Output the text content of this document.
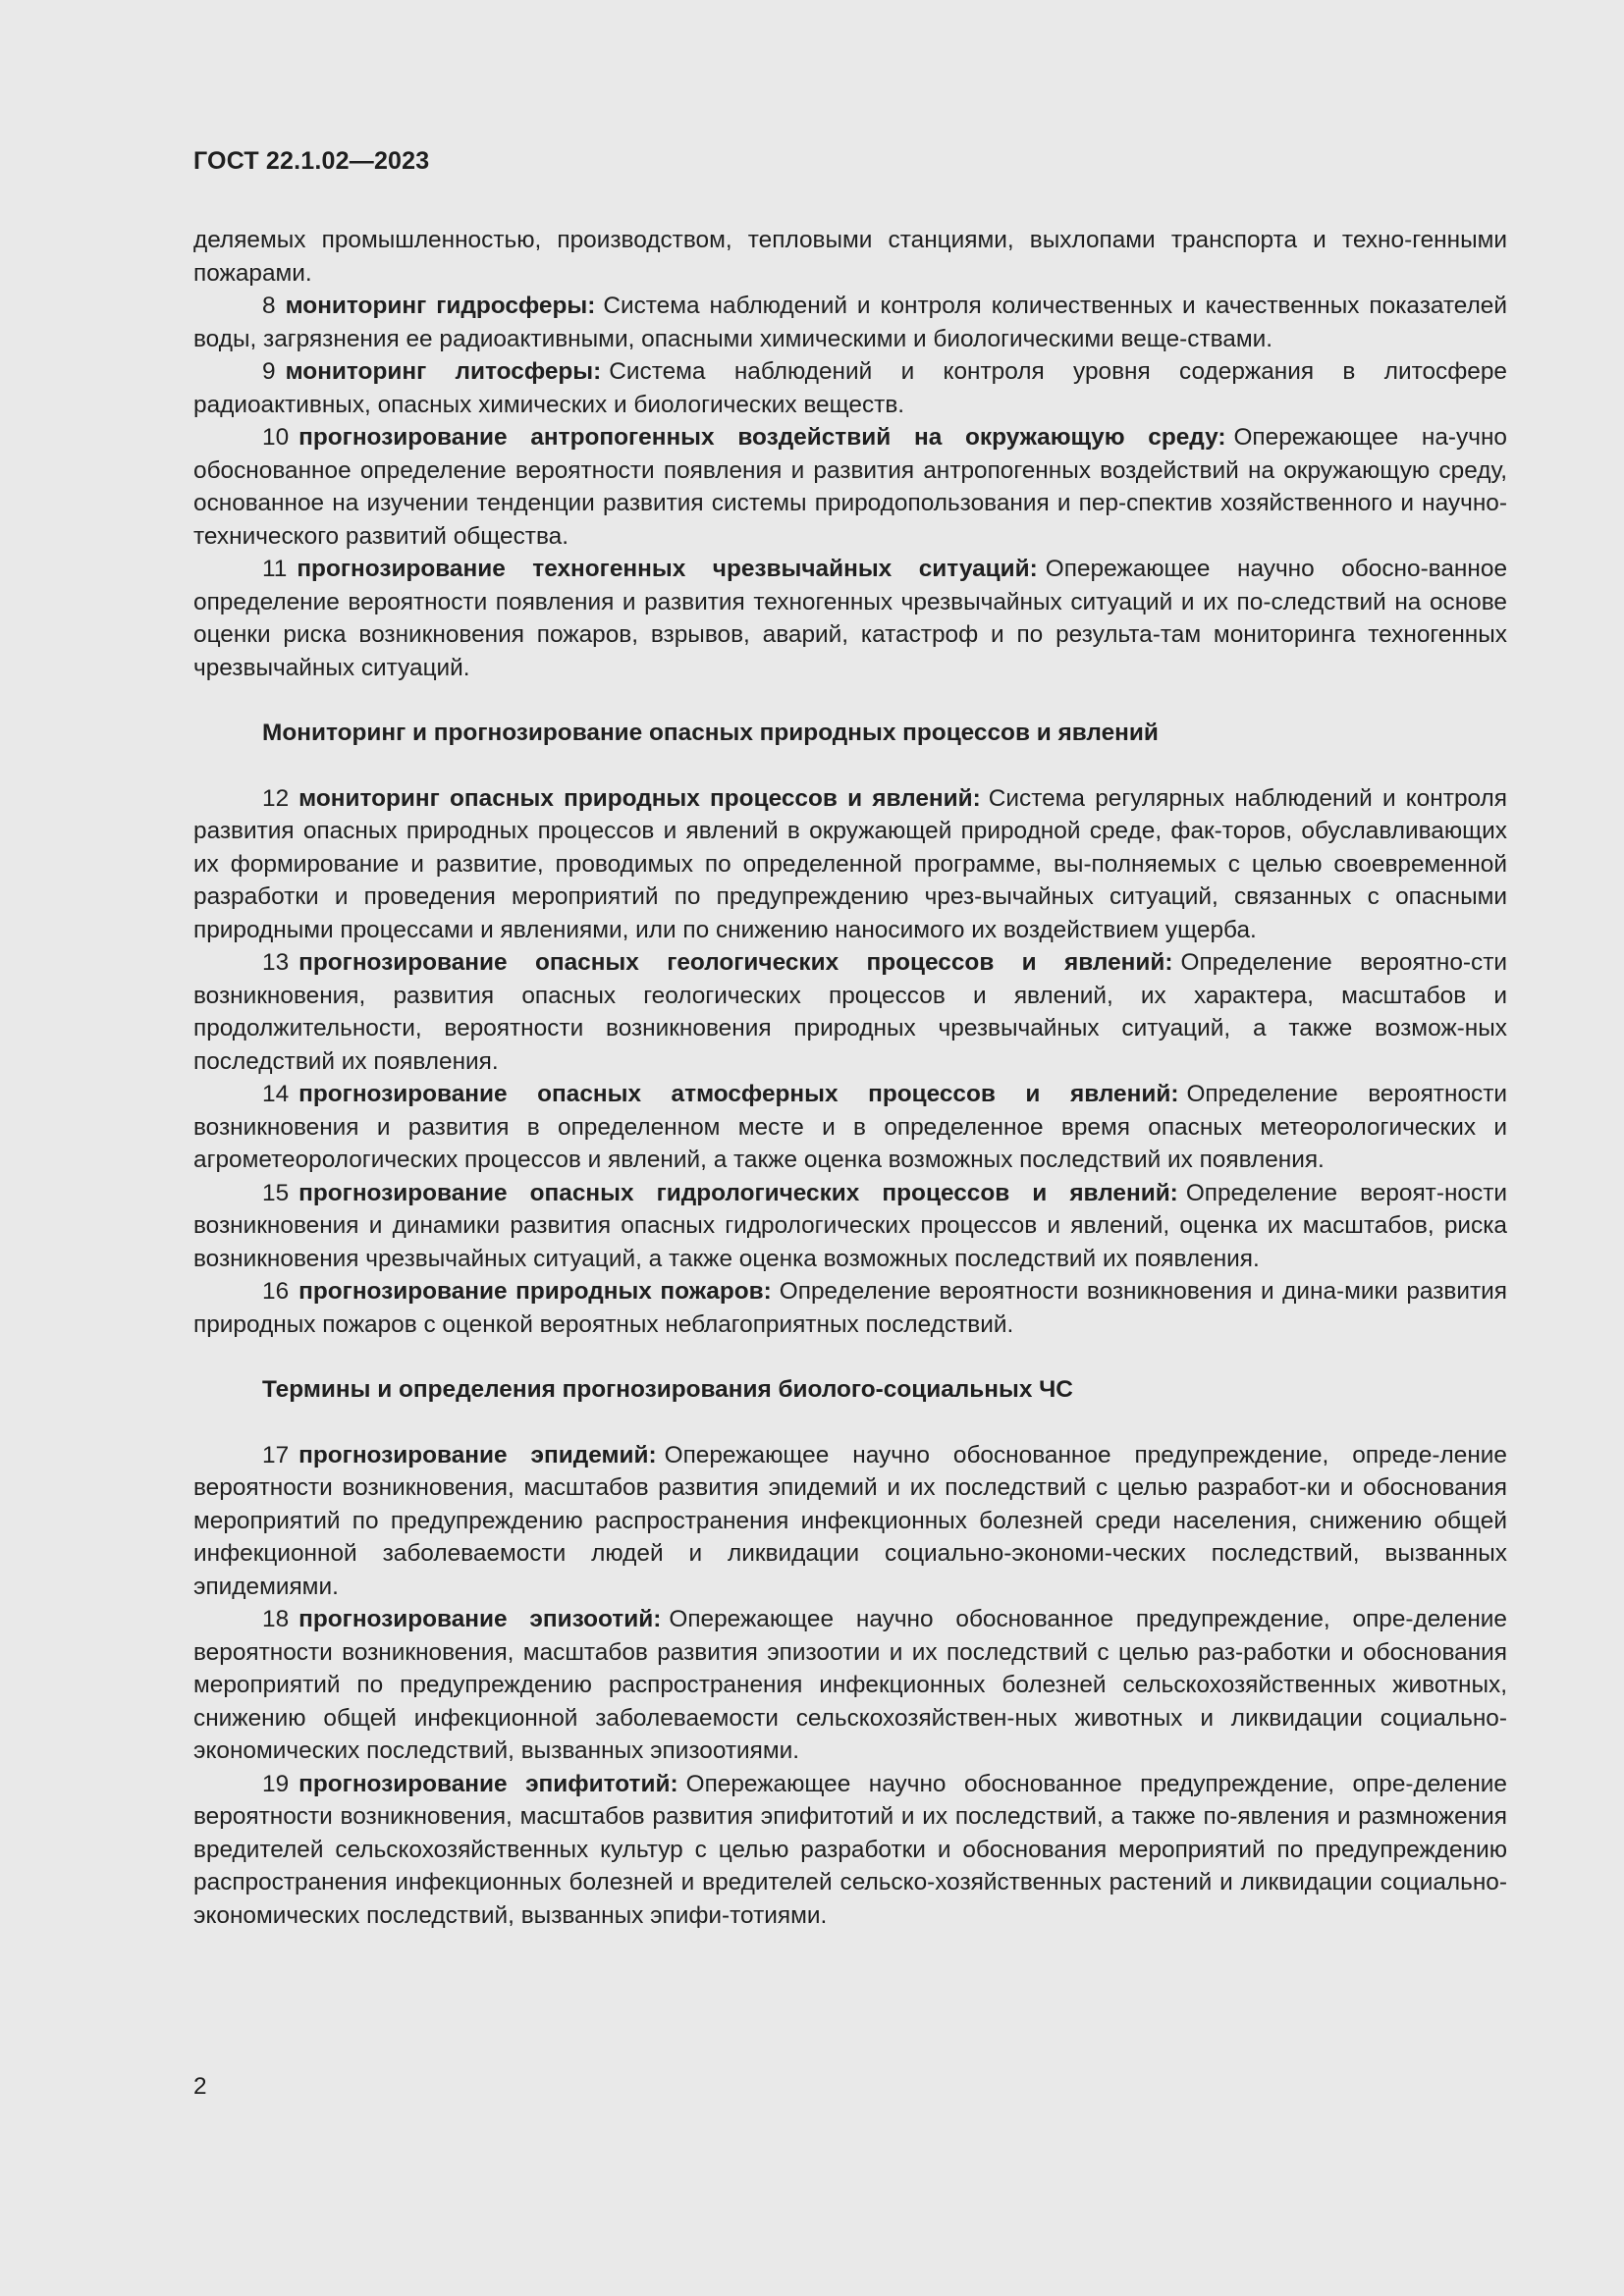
ГОСТ 22.1.02—2023

деляемых промышленностью, производством, тепловыми станциями, выхлопами транспорта и техно-генными пожарами.

8 мониторинг гидросферы: Система наблюдений и контроля количественных и качественных показателей воды, загрязнения ее радиоактивными, опасными химическими и биологическими веще-ствами.

9 мониторинг литосферы: Система наблюдений и контроля уровня содержания в литосфере радиоактивных, опасных химических и биологических веществ.

10 прогнозирование антропогенных воздействий на окружающую среду: Опережающее на-учно обоснованное определение вероятности появления и развития антропогенных воздействий на окружающую среду, основанное на изучении тенденции развития системы природопользования и пер-спектив хозяйственного и научно-технического развитий общества.

11 прогнозирование техногенных чрезвычайных ситуаций: Опережающее научно обосно-ванное определение вероятности появления и развития техногенных чрезвычайных ситуаций и их по-следствий на основе оценки риска возникновения пожаров, взрывов, аварий, катастроф и по результа-там мониторинга техногенных чрезвычайных ситуаций.

Мониторинг и прогнозирование опасных природных процессов и явлений

12 мониторинг опасных природных процессов и явлений: Система регулярных наблюдений и контроля развития опасных природных процессов и явлений в окружающей природной среде, фак-торов, обуславливающих их формирование и развитие, проводимых по определенной программе, вы-полняемых с целью своевременной разработки и проведения мероприятий по предупреждению чрез-вычайных ситуаций, связанных с опасными природными процессами и явлениями, или по снижению наносимого их воздействием ущерба.

13 прогнозирование опасных геологических процессов и явлений: Определение вероятно-сти возникновения, развития опасных геологических процессов и явлений, их характера, масштабов и продолжительности, вероятности возникновения природных чрезвычайных ситуаций, а также возмож-ных последствий их появления.

14 прогнозирование опасных атмосферных процессов и явлений: Определение вероятности возникновения и развития в определенном месте и в определенное время опасных метеорологических и агрометеорологических процессов и явлений, а также оценка возможных последствий их появления.

15 прогнозирование опасных гидрологических процессов и явлений: Определение вероят-ности возникновения и динамики развития опасных гидрологических процессов и явлений, оценка их масштабов, риска возникновения чрезвычайных ситуаций, а также оценка возможных последствий их появления.

16 прогнозирование природных пожаров: Определение вероятности возникновения и дина-мики развития природных пожаров с оценкой вероятных неблагоприятных последствий.

Термины и определения прогнозирования биолого-социальных ЧС

17 прогнозирование эпидемий: Опережающее научно обоснованное предупреждение, опреде-ление вероятности возникновения, масштабов развития эпидемий и их последствий с целью разработ-ки и обоснования мероприятий по предупреждению распространения инфекционных болезней среди населения, снижению общей инфекционной заболеваемости людей и ликвидации социально-экономи-ческих последствий, вызванных эпидемиями.

18 прогнозирование эпизоотий: Опережающее научно обоснованное предупреждение, опре-деление вероятности возникновения, масштабов развития эпизоотии и их последствий с целью раз-работки и обоснования мероприятий по предупреждению распространения инфекционных болезней сельскохозяйственных животных, снижению общей инфекционной заболеваемости сельскохозяйствен-ных животных и ликвидации социально-экономических последствий, вызванных эпизоотиями.

19 прогнозирование эпифитотий: Опережающее научно обоснованное предупреждение, опре-деление вероятности возникновения, масштабов развития эпифитотий и их последствий, а также по-явления и размножения вредителей сельскохозяйственных культур с целью разработки и обоснования мероприятий по предупреждению распространения инфекционных болезней и вредителей сельско-хозяйственных растений и ликвидации социально-экономических последствий, вызванных эпифи-тотиями.

2
